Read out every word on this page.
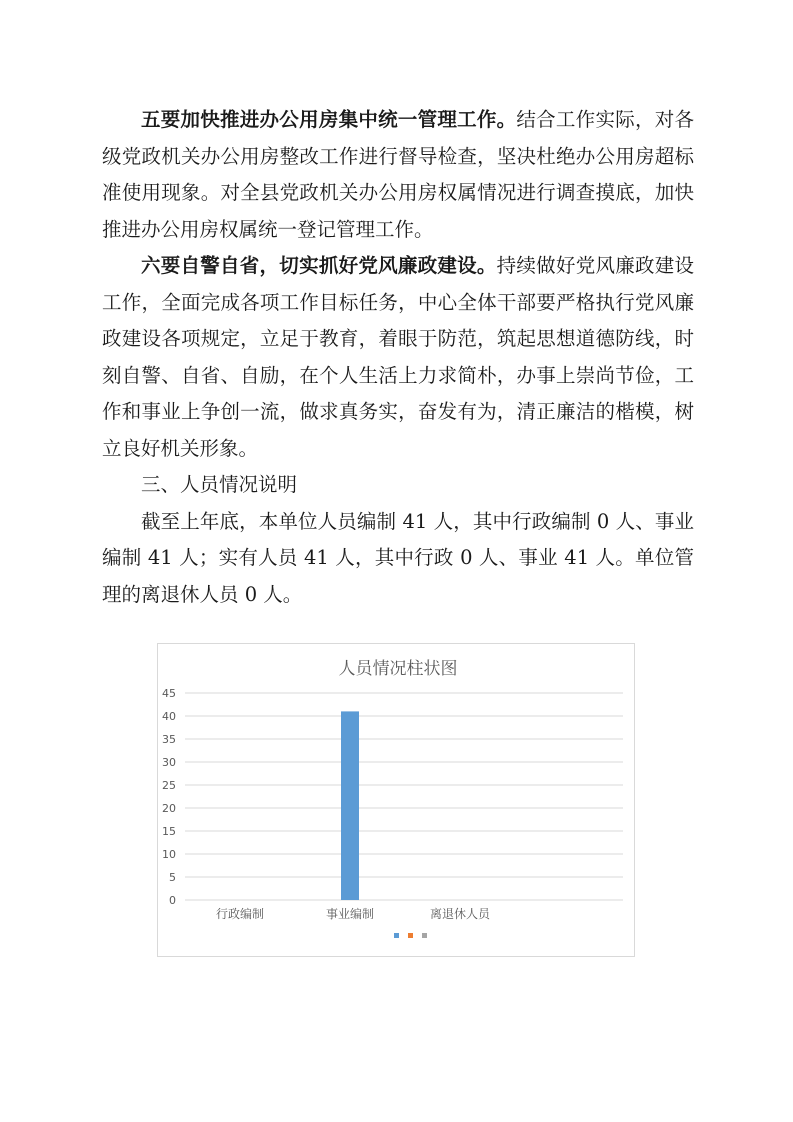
五要加快推进办公用房集中统一管理工作。结合工作实际，对各级党政机关办公用房整改工作进行督导检查，坚决杜绝办公用房超标准使用现象。对全县党政机关办公用房权属情况进行调查摸底，加快推进办公用房权属统一登记管理工作。

六要自警自省，切实抓好党风廉政建设。持续做好党风廉政建设工作，全面完成各项工作目标任务，中心全体干部要严格执行党风廉政建设各项规定，立足于教育，着眼于防范，筑起思想道德防线，时刻自警、自省、自励，在个人生活上力求简朴，办事上崇尚节俭，工作和事业上争创一流，做求真务实，奋发有为，清正廉洁的楷模，树立良好机关形象。

三、人员情况说明

截至上年底，本单位人员编制 41 人，其中行政编制 0 人、事业编制 41 人；实有人员 41 人，其中行政 0 人、事业 41 人。单位管理的离退休人员 0 人。

人员情况柱状图
0
5
10
15
20
25
30
35
40
45
行政编制	事业编制	离退休人员
